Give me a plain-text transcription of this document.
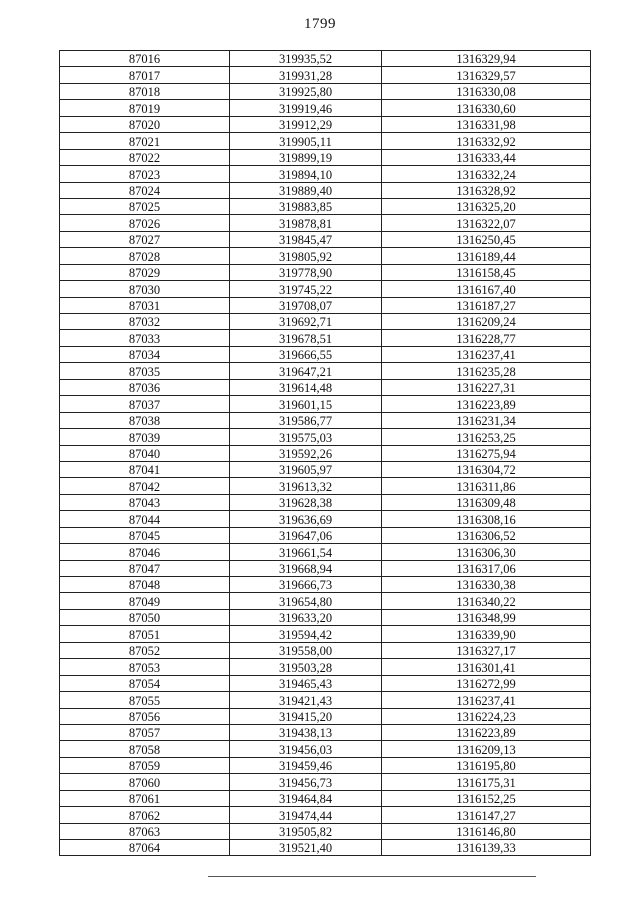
1799
87016	319935,52	1316329,94
87017	319931,28	1316329,57
87018	319925,80	1316330,08
87019	319919,46	1316330,60
87020	319912,29	1316331,98
87021	319905,11	1316332,92
87022	319899,19	1316333,44
87023	319894,10	1316332,24
87024	319889,40	1316328,92
87025	319883,85	1316325,20
87026	319878,81	1316322,07
87027	319845,47	1316250,45
87028	319805,92	1316189,44
87029	319778,90	1316158,45
87030	319745,22	1316167,40
87031	319708,07	1316187,27
87032	319692,71	1316209,24
87033	319678,51	1316228,77
87034	319666,55	1316237,41
87035	319647,21	1316235,28
87036	319614,48	1316227,31
87037	319601,15	1316223,89
87038	319586,77	1316231,34
87039	319575,03	1316253,25
87040	319592,26	1316275,94
87041	319605,97	1316304,72
87042	319613,32	1316311,86
87043	319628,38	1316309,48
87044	319636,69	1316308,16
87045	319647,06	1316306,52
87046	319661,54	1316306,30
87047	319668,94	1316317,06
87048	319666,73	1316330,38
87049	319654,80	1316340,22
87050	319633,20	1316348,99
87051	319594,42	1316339,90
87052	319558,00	1316327,17
87053	319503,28	1316301,41
87054	319465,43	1316272,99
87055	319421,43	1316237,41
87056	319415,20	1316224,23
87057	319438,13	1316223,89
87058	319456,03	1316209,13
87059	319459,46	1316195,80
87060	319456,73	1316175,31
87061	319464,84	1316152,25
87062	319474,44	1316147,27
87063	319505,82	1316146,80
87064	319521,40	1316139,33
